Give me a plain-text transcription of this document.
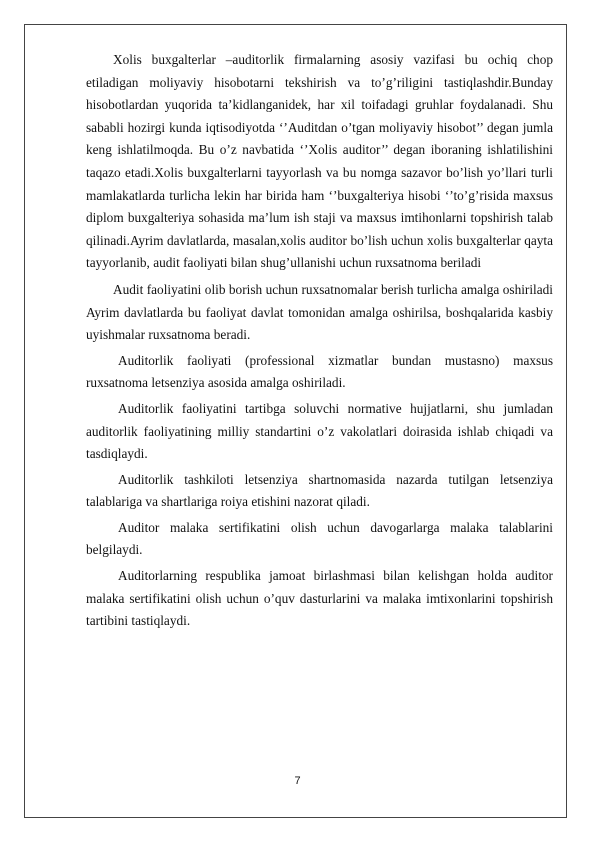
Xolis buxgalterlar –auditorlik firmalarning asosiy vazifasi bu ochiq chop etiladigan moliyaviy hisobotarni tekshirish va to’g’riligini tastiqlashdir.Bunday hisobotlardan yuqorida ta’kidlanganidek, har xil toifadagi gruhlar foydalanadi. Shu sababli hozirgi kunda iqtisodiyotda ‘’Auditdan o’tgan moliyaviy hisobot’’ degan jumla keng ishlatilmoqda. Bu o’z navbatida ‘’Xolis auditor’’ degan iboraning ishlatilishini taqazo etadi.Xolis buxgalterlarni tayyorlash va bu nomga sazavor bo’lish yo’llari turli mamlakatlarda turlicha lekin har birida ham ‘’buxgalteriya hisobi ‘’to’g’risida maxsus diplom buxgalteriya sohasida ma’lum ish staji va maxsus imtihonlarni topshirish talab qilinadi.Ayrim davlatlarda, masalan,xolis auditor bo’lish uchun xolis buxgalterlar qayta tayyorlanib, audit faoliyati bilan shug’ullanishi uchun ruxsatnoma beriladi

Audit faoliyatini olib borish uchun ruxsatnomalar berish turlicha amalga oshiriladi Ayrim davlatlarda bu faoliyat davlat tomonidan amalga oshirilsa, boshqalarida kasbiy uyishmalar ruxsatnoma beradi.

Auditorlik faoliyati (professional xizmatlar bundan mustasno) maxsus ruxsatnoma letsenziya asosida amalga oshiriladi.

Auditorlik faoliyatini tartibga soluvchi normative hujjatlarni, shu jumladan auditorlik faoliyatining milliy standartini o’z vakolatlari doirasida ishlab chiqadi va tasdiqlaydi.

Auditorlik tashkiloti letsenziya shartnomasida nazarda tutilgan letsenziya talablariga va shartlariga roiya etishini nazorat qiladi.

Auditor malaka sertifikatini olish uchun davogarlarga malaka talablarini belgilaydi.

Auditorlarning respublika jamoat birlashmasi bilan kelishgan holda auditor malaka sertifikatini olish uchun o’quv dasturlarini va malaka imtixonlarini topshirish tartibini tastiqlaydi.

7
